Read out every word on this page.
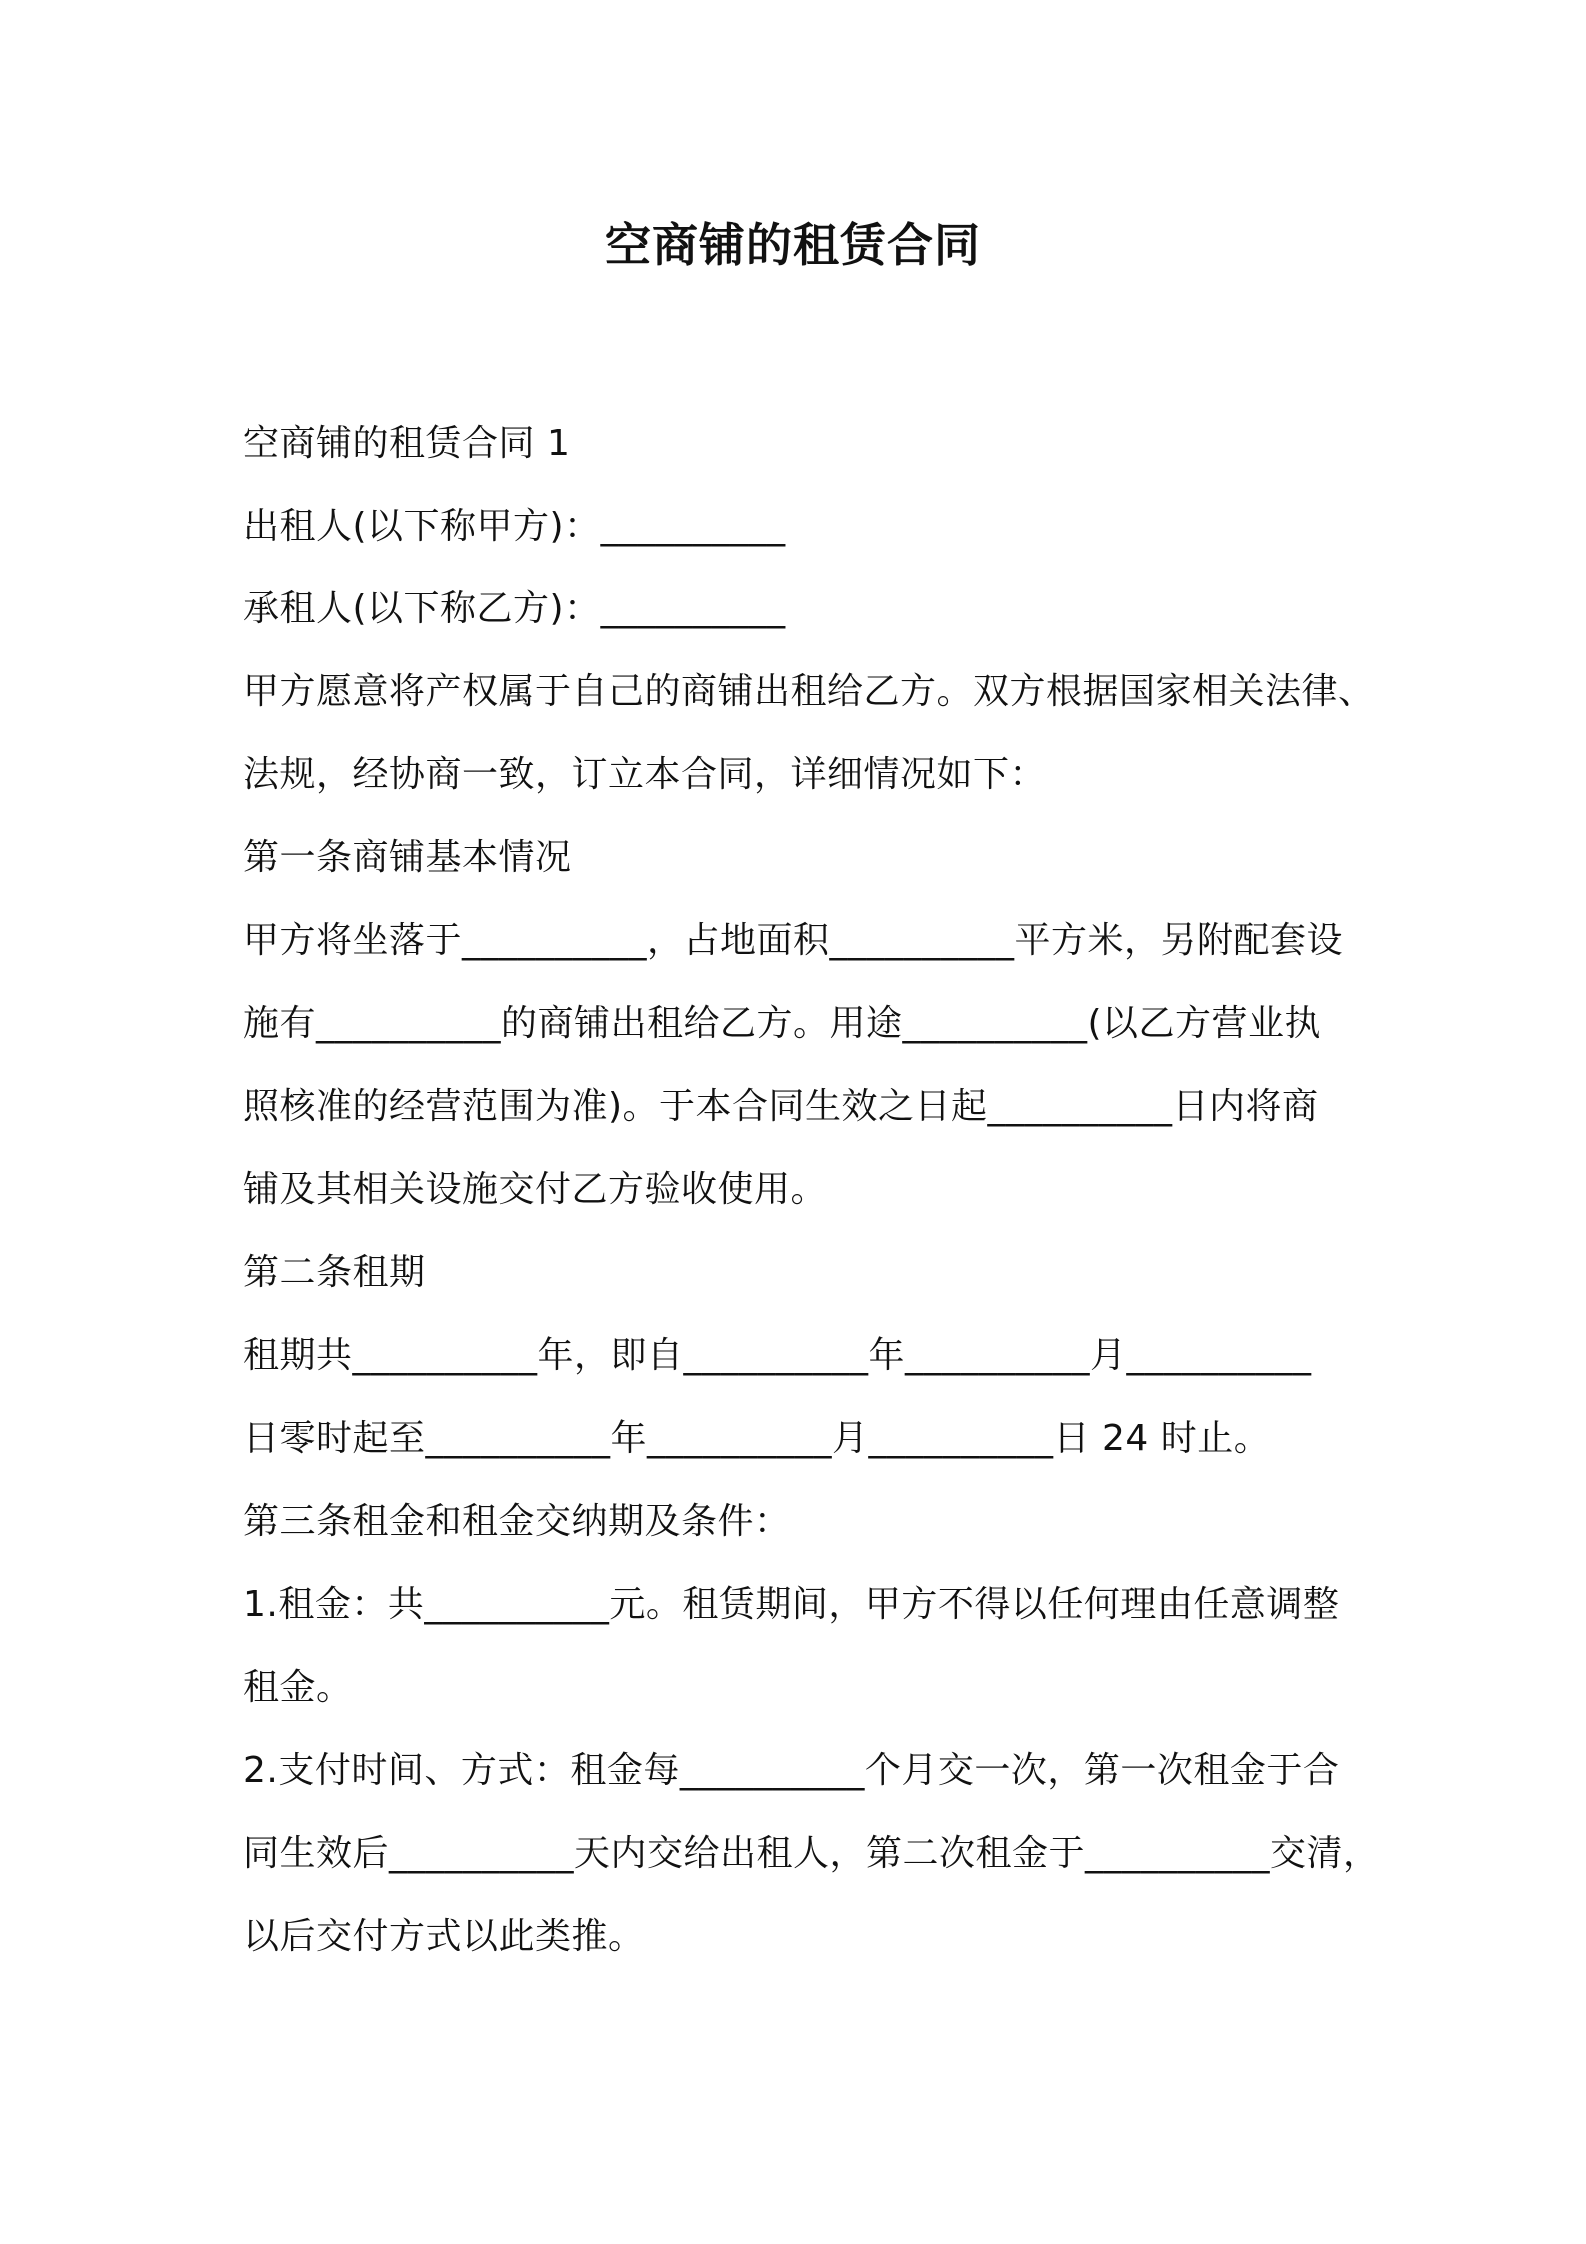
空商铺的租赁合同
空商铺的租赁合同 1
出租人(以下称甲方)：__________
承租人(以下称乙方)：__________
甲方愿意将产权属于自己的商铺出租给乙方。双方根据国家相关法律、
法规，经协商一致，订立本合同，详细情况如下：
第一条商铺基本情况
甲方将坐落于__________，占地面积__________平方米，另附配套设
施有__________的商铺出租给乙方。用途__________(以乙方营业执
照核准的经营范围为准)。于本合同生效之日起__________日内将商
铺及其相关设施交付乙方验收使用。
第二条租期
租期共__________年，即自__________年__________月__________
日零时起至__________年__________月__________日 24 时止。
第三条租金和租金交纳期及条件：
1.租金：共__________元。租赁期间，甲方不得以任何理由任意调整
租金。
2.支付时间、方式：租金每__________个月交一次，第一次租金于合
同生效后__________天内交给出租人，第二次租金于__________交清，
以后交付方式以此类推。
